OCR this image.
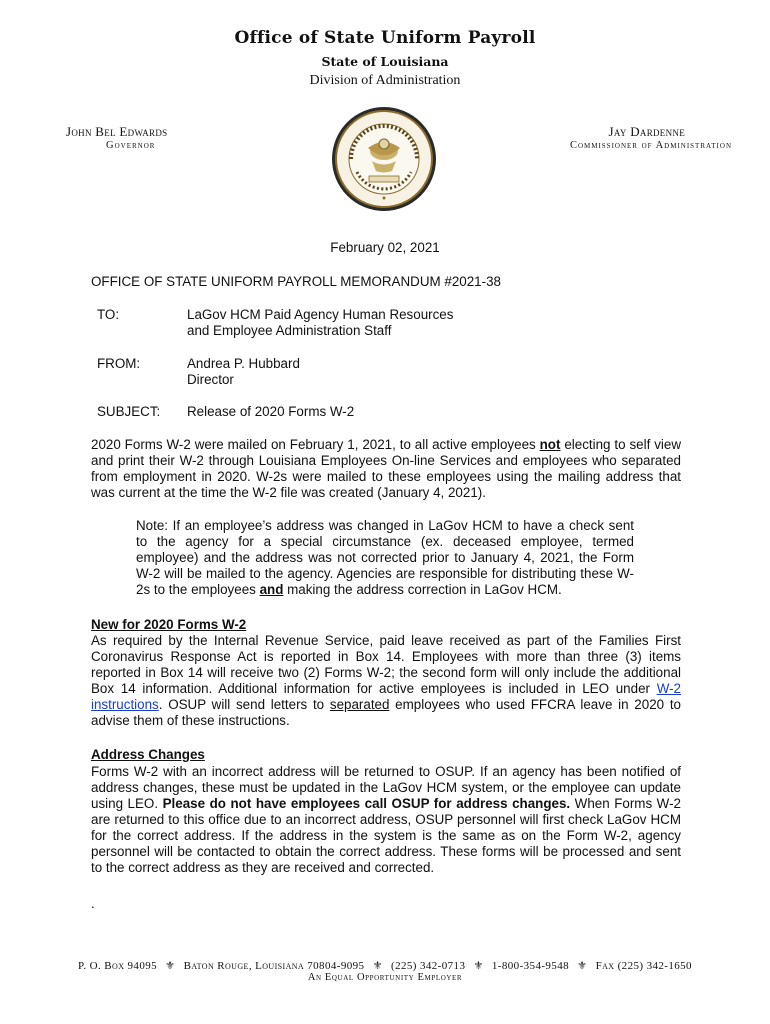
Office of State Uniform Payroll
State of Louisiana
Division of Administration
John Bel Edwards
Governor
Jay Dardenne
Commissioner of Administration
February 02, 2021
OFFICE OF STATE UNIFORM PAYROLL MEMORANDUM #2021-38
TO:	LaGov HCM Paid Agency Human Resources
and Employee Administration Staff
FROM:	Andrea P. Hubbard
Director
SUBJECT: Release of 2020 Forms W-2
2020 Forms W-2 were mailed on February 1, 2021, to all active employees not electing to self view and print their W-2 through Louisiana Employees On-line Services and employees who separated from employment in 2020. W-2s were mailed to these employees using the mailing address that was current at the time the W-2 file was created (January 4, 2021).
Note: If an employee’s address was changed in LaGov HCM to have a check sent to the agency for a special circumstance (ex. deceased employee, termed employee) and the address was not corrected prior to January 4, 2021, the Form W-2 will be mailed to the agency. Agencies are responsible for distributing these W-2s to the employees and making the address correction in LaGov HCM.
New for 2020 Forms W-2
As required by the Internal Revenue Service, paid leave received as part of the Families First Coronavirus Response Act is reported in Box 14. Employees with more than three (3) items reported in Box 14 will receive two (2) Forms W-2; the second form will only include the additional Box 14 information. Additional information for active employees is included in LEO under W-2 instructions. OSUP will send letters to separated employees who used FFCRA leave in 2020 to advise them of these instructions.
Address Changes
Forms W-2 with an incorrect address will be returned to OSUP. If an agency has been notified of address changes, these must be updated in the LaGov HCM system, or the employee can update using LEO. Please do not have employees call OSUP for address changes. When Forms W-2 are returned to this office due to an incorrect address, OSUP personnel will first check LaGov HCM for the correct address. If the address in the system is the same as on the Form W-2, agency personnel will be contacted to obtain the correct address. These forms will be processed and sent to the correct address as they are received and corrected.
.
P. O. Box 94095 ⚜ Baton Rouge, Louisiana 70804-9095 ⚜ (225) 342-0713 ⚜ 1-800-354-9548 ⚜ Fax (225) 342-1650
An Equal Opportunity Employer
